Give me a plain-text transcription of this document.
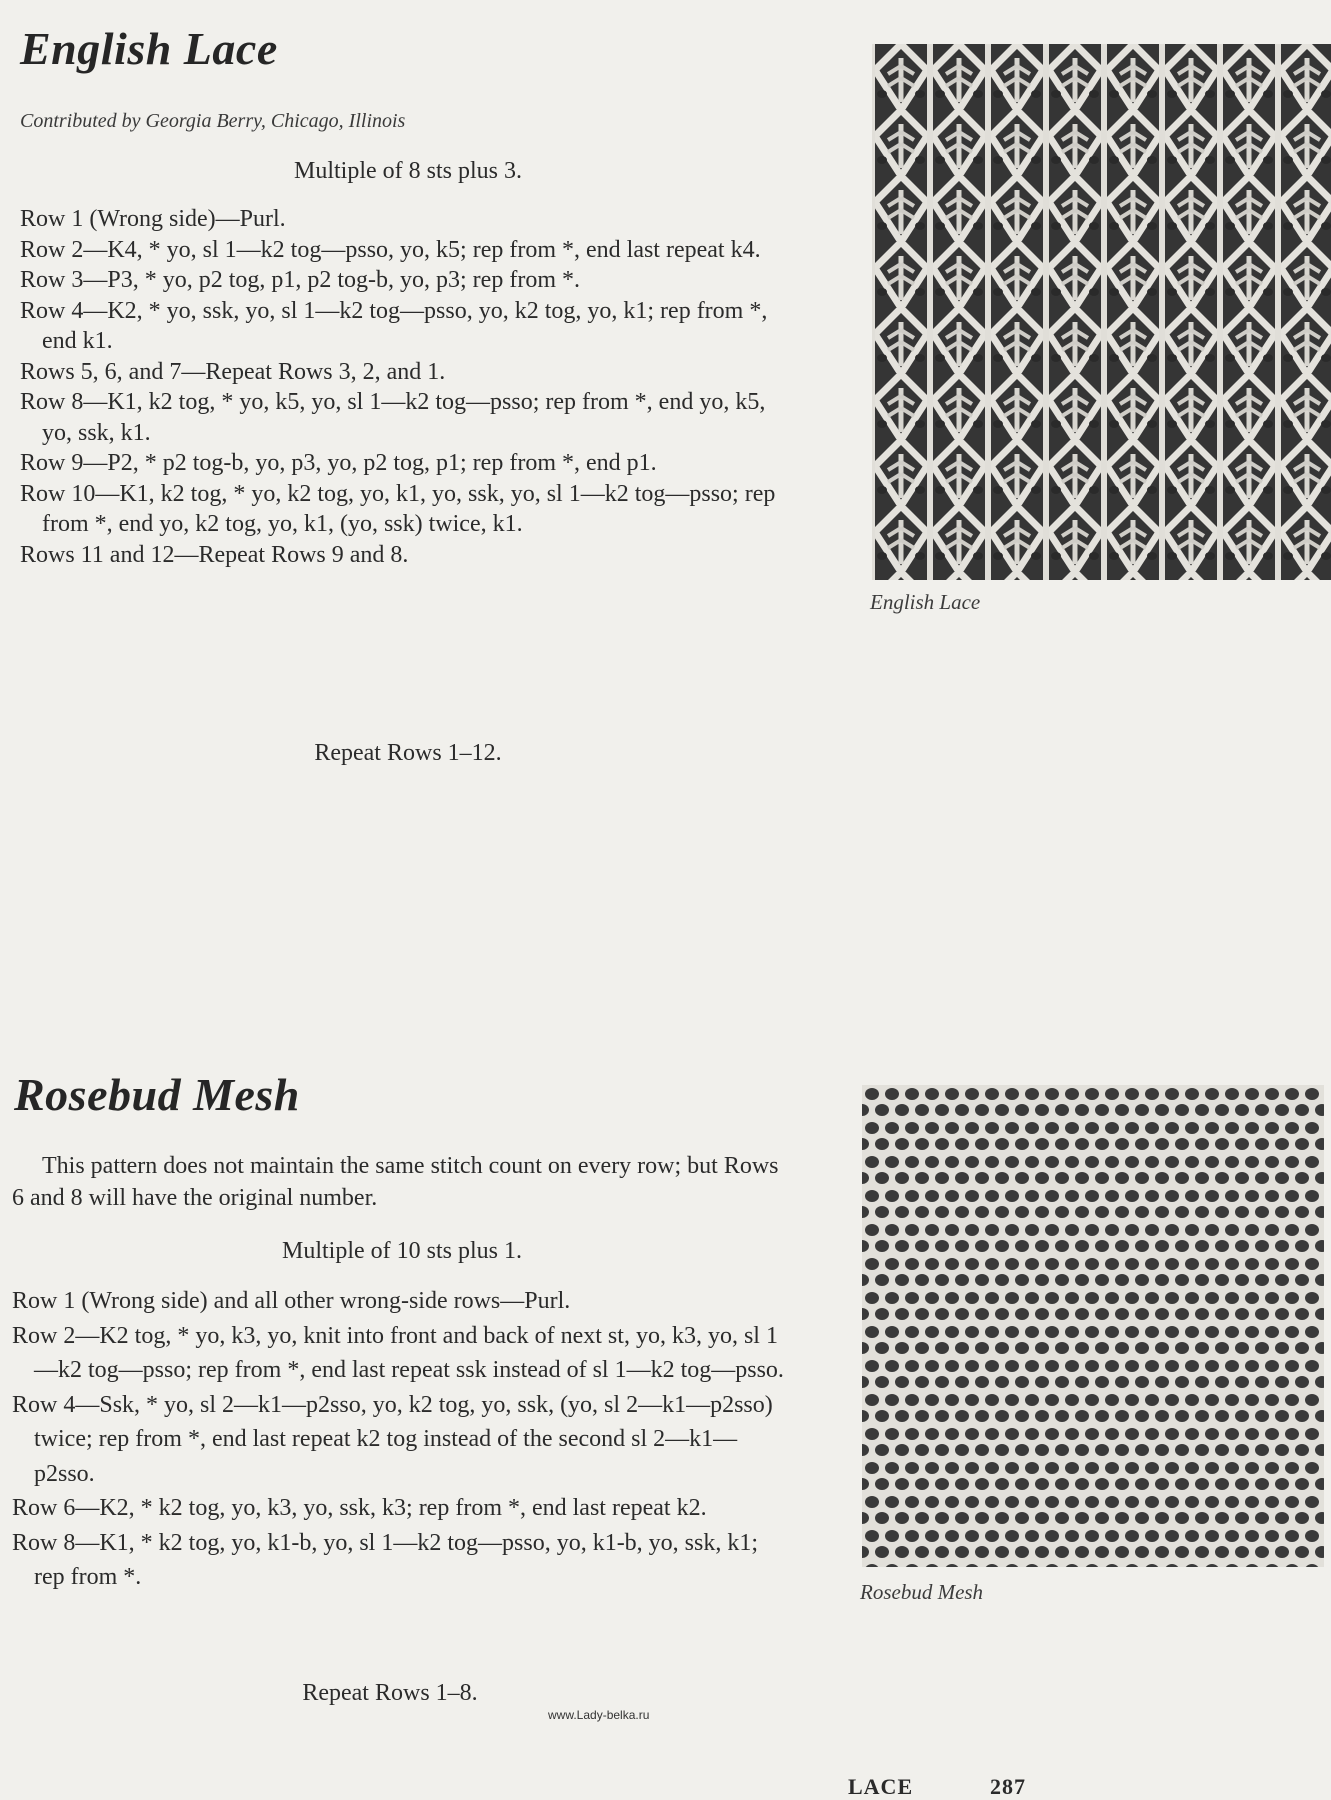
English Lace
Contributed by Georgia Berry, Chicago, Illinois
Multiple of 8 sts plus 3.

Row 1 (Wrong side)—Purl.

Row 2—K4, * yo, sl 1—k2 tog—psso, yo, k5; rep from *, end last repeat k4.

Row 3—P3, * yo, p2 tog, p1, p2 tog-b, yo, p3; rep from *.

Row 4—K2, * yo, ssk, yo, sl 1—k2 tog—psso, yo, k2 tog, yo, k1; rep from *, end k1.

Rows 5, 6, and 7—Repeat Rows 3, 2, and 1.

Row 8—K1, k2 tog, * yo, k5, yo, sl 1—k2 tog—psso; rep from *, end yo, k5, yo, ssk, k1.

Row 9—P2, * p2 tog-b, yo, p3, yo, p2 tog, p1; rep from *, end p1.

Row 10—K1, k2 tog, * yo, k2 tog, yo, k1, yo, ssk, yo, sl 1—k2 tog—psso; rep from *, end yo, k2 tog, yo, k1, (yo, ssk) twice, k1.

Rows 11 and 12—Repeat Rows 9 and 8.

Repeat Rows 1–12.
English Lace
Rosebud Mesh

This pattern does not maintain the same stitch count on every row; but Rows 6 and 8 will have the original number.

Multiple of 10 sts plus 1.

Row 1 (Wrong side) and all other wrong-side rows—Purl.

Row 2—K2 tog, * yo, k3, yo, knit into front and back of next st, yo, k3, yo, sl 1—k2 tog—psso; rep from *, end last repeat ssk instead of sl 1—k2 tog—psso.

Row 4—Ssk, * yo, sl 2—k1—p2sso, yo, k2 tog, yo, ssk, (yo, sl 2—k1—p2sso) twice; rep from *, end last repeat k2 tog instead of the second sl 2—k1—p2sso.

Row 6—K2, * k2 tog, yo, k3, yo, ssk, k3; rep from *, end last repeat k2.

Row 8—K1, * k2 tog, yo, k1-b, yo, sl 1—k2 tog—psso, yo, k1-b, yo, ssk, k1; rep from *.

Repeat Rows 1–8.
Rosebud Mesh
www.Lady-belka.ru
LACE	287
